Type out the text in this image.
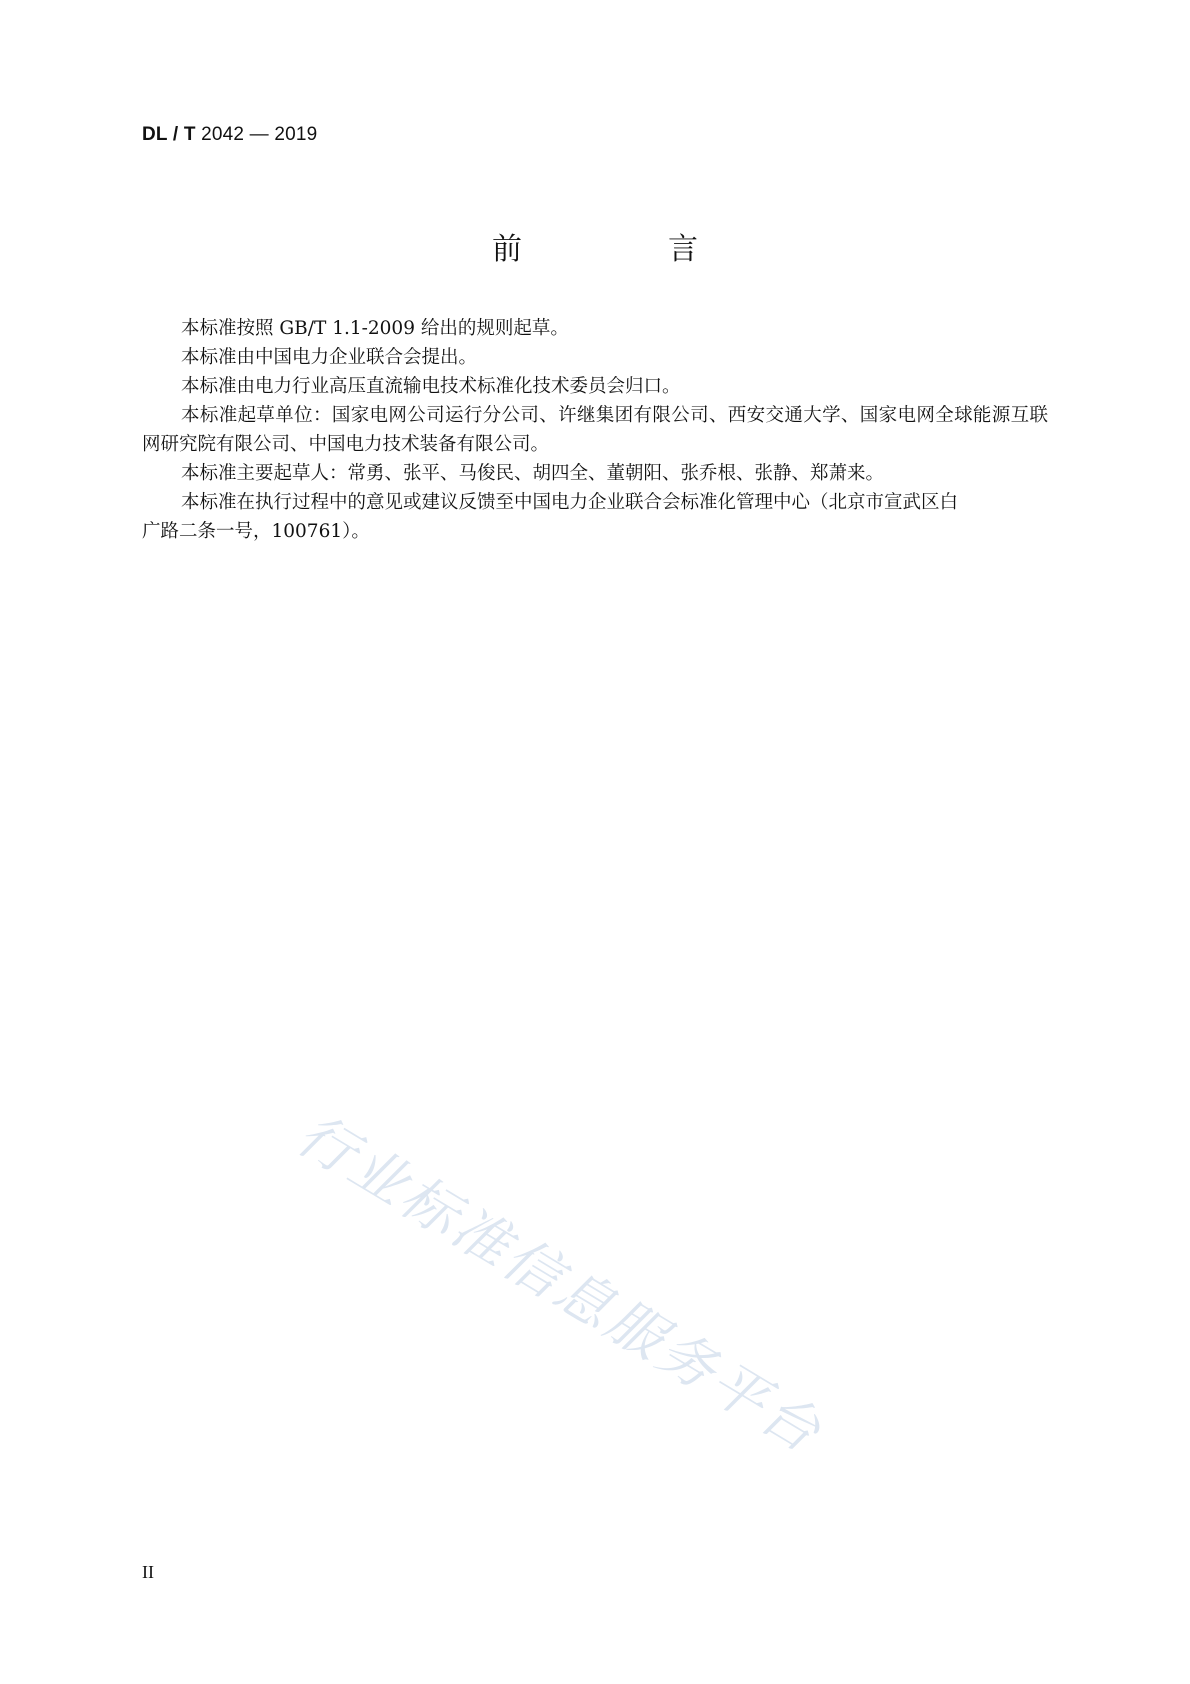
DL / T 2042 — 2019
前　言

本标准按照 GB/T 1.1-2009 给出的规则起草。

本标准由中国电力企业联合会提出。

本标准由电力行业高压直流输电技术标准化技术委员会归口。

本标准起草单位：国家电网公司运行分公司、许继集团有限公司、西安交通大学、国家电网全球能源互联网研究院有限公司、中国电力技术装备有限公司。

本标准主要起草人：常勇、张平、马俊民、胡四全、董朝阳、张乔根、张静、郑萧来。

本标准在执行过程中的意见或建议反馈至中国电力企业联合会标准化管理中心（北京市宣武区白

广路二条一号，100761）。

行业标准信息服务平台
II
